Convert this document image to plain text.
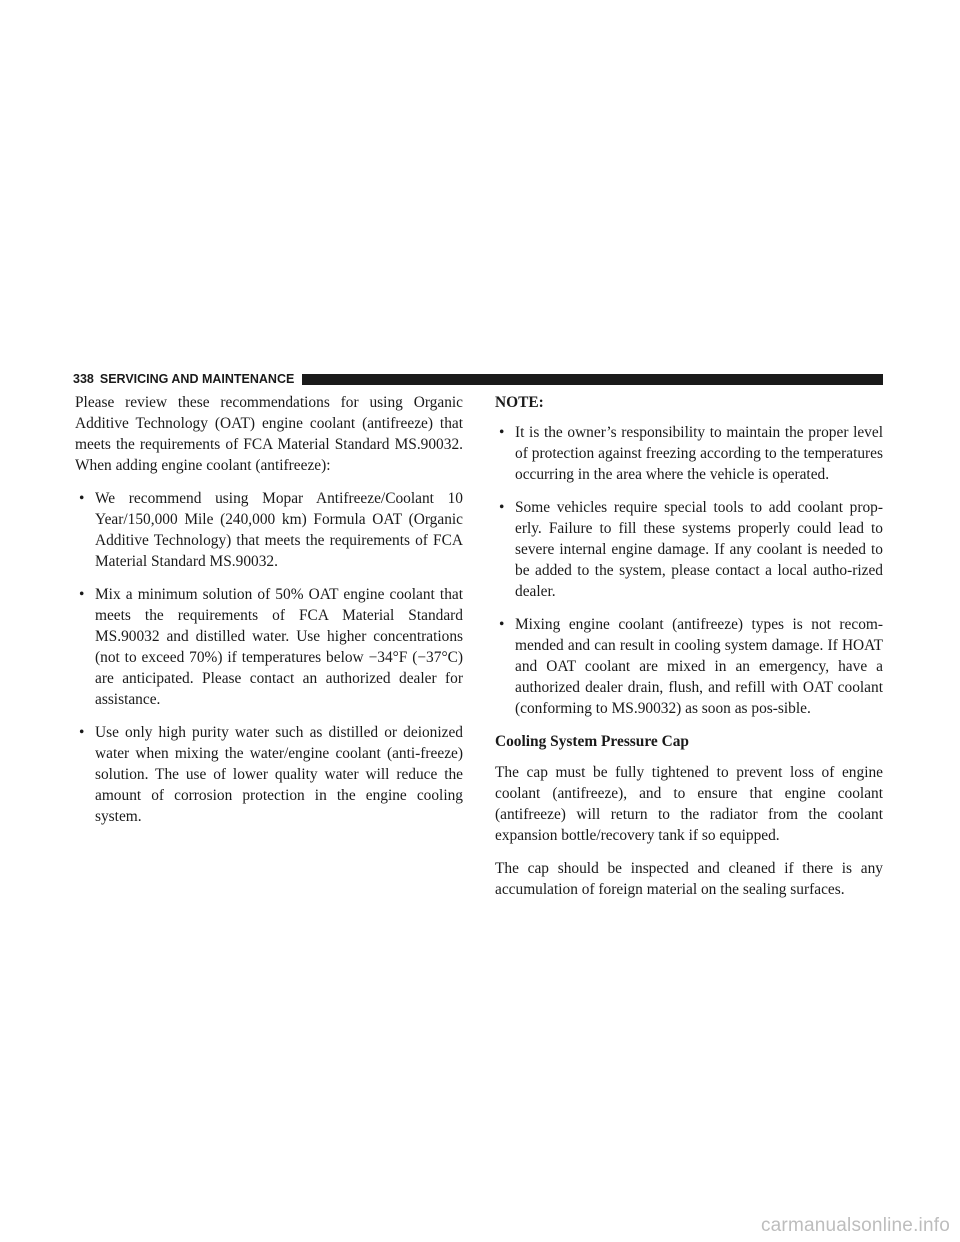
338 SERVICING AND MAINTENANCE

Please review these recommendations for using Organic Additive Technology (OAT) engine coolant (antifreeze) that meets the requirements of FCA Material Standard MS.90032. When adding engine coolant (antifreeze):

• We recommend using Mopar Antifreeze/Coolant 10 Year/150,000 Mile (240,000 km) Formula OAT (Organic Additive Technology) that meets the requirements of FCA Material Standard MS.90032.
• Mix a minimum solution of 50% OAT engine coolant that meets the requirements of FCA Material Standard MS.90032 and distilled water. Use higher concentrations (not to exceed 70%) if temperatures below −34°F (−37°C) are anticipated. Please contact an authorized dealer for assistance.
• Use only high purity water such as distilled or deionized water when mixing the water/engine coolant (anti-freeze) solution. The use of lower quality water will reduce the amount of corrosion protection in the engine cooling system.
NOTE:
• It is the owner’s responsibility to maintain the proper level of protection against freezing according to the temperatures occurring in the area where the vehicle is operated.
• Some vehicles require special tools to add coolant prop-erly. Failure to fill these systems properly could lead to severe internal engine damage. If any coolant is needed to be added to the system, please contact a local autho-rized dealer.
• Mixing engine coolant (antifreeze) types is not recom-mended and can result in cooling system damage. If HOAT and OAT coolant are mixed in an emergency, have a authorized dealer drain, flush, and refill with OAT coolant (conforming to MS.90032) as soon as pos-sible.
Cooling System Pressure Cap

The cap must be fully tightened to prevent loss of engine coolant (antifreeze), and to ensure that engine coolant (antifreeze) will return to the radiator from the coolant expansion bottle/recovery tank if so equipped.

The cap should be inspected and cleaned if there is any accumulation of foreign material on the sealing surfaces.

carmanualsonline.info
